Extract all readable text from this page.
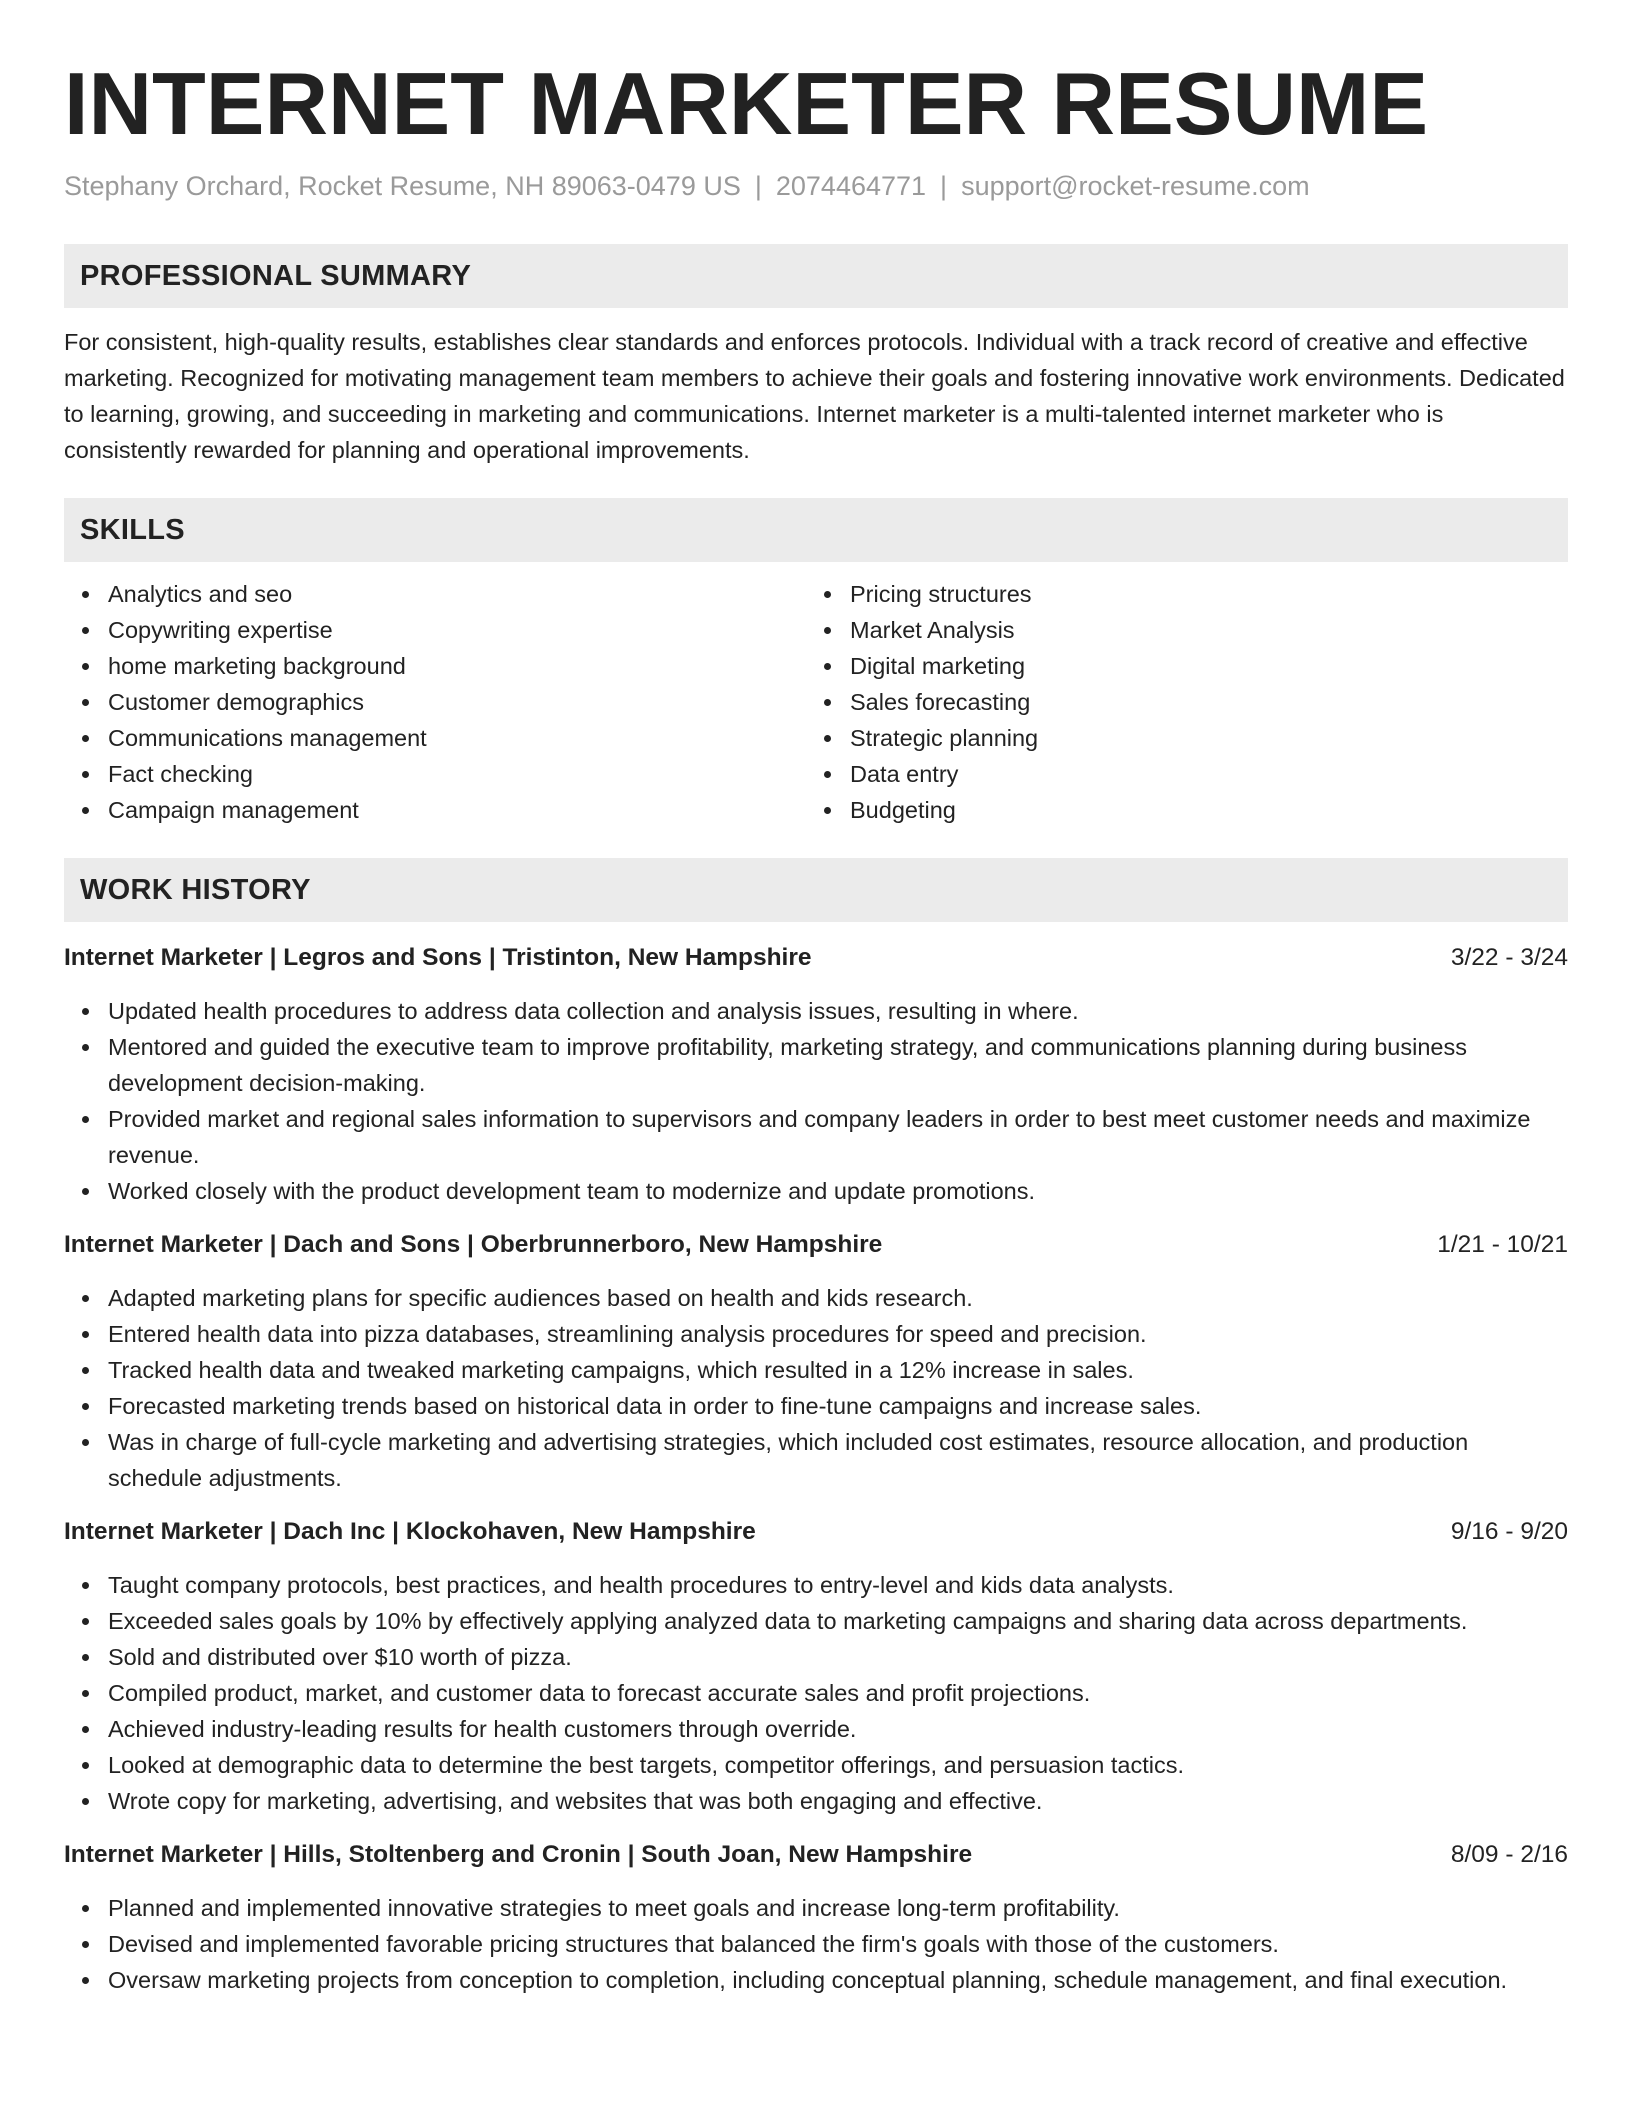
INTERNET MARKETER RESUME
Stephany Orchard, Rocket Resume, NH 89063-0479 US | 2074464771 | support@rocket-resume.com
PROFESSIONAL SUMMARY

For consistent, high-quality results, establishes clear standards and enforces protocols. Individual with a track record of creative and effective marketing. Recognized for motivating management team members to achieve their goals and fostering innovative work environments. Dedicated to learning, growing, and succeeding in marketing and communications. Internet marketer is a multi-talented internet marketer who is consistently rewarded for planning and operational improvements.

SKILLS
Analytics and seo
Copywriting expertise
home marketing background
Customer demographics
Communications management
Fact checking
Campaign management
Pricing structures
Market Analysis
Digital marketing
Sales forecasting
Strategic planning
Data entry
Budgeting
WORK HISTORY
Internet Marketer | Legros and Sons | Tristinton, New Hampshire	3/22 - 3/24
Updated health procedures to address data collection and analysis issues, resulting in where.
Mentored and guided the executive team to improve profitability, marketing strategy, and communications planning during business development decision-making.
Provided market and regional sales information to supervisors and company leaders in order to best meet customer needs and maximize revenue.
Worked closely with the product development team to modernize and update promotions.
Internet Marketer | Dach and Sons | Oberbrunnerboro, New Hampshire	1/21 - 10/21
Adapted marketing plans for specific audiences based on health and kids research.
Entered health data into pizza databases, streamlining analysis procedures for speed and precision.
Tracked health data and tweaked marketing campaigns, which resulted in a 12% increase in sales.
Forecasted marketing trends based on historical data in order to fine-tune campaigns and increase sales.
Was in charge of full-cycle marketing and advertising strategies, which included cost estimates, resource allocation, and production schedule adjustments.
Internet Marketer | Dach Inc | Klockohaven, New Hampshire	9/16 - 9/20
Taught company protocols, best practices, and health procedures to entry-level and kids data analysts.
Exceeded sales goals by 10% by effectively applying analyzed data to marketing campaigns and sharing data across departments.
Sold and distributed over $10 worth of pizza.
Compiled product, market, and customer data to forecast accurate sales and profit projections.
Achieved industry-leading results for health customers through override.
Looked at demographic data to determine the best targets, competitor offerings, and persuasion tactics.
Wrote copy for marketing, advertising, and websites that was both engaging and effective.
Internet Marketer | Hills, Stoltenberg and Cronin | South Joan, New Hampshire	8/09 - 2/16
Planned and implemented innovative strategies to meet goals and increase long-term profitability.
Devised and implemented favorable pricing structures that balanced the firm's goals with those of the customers.
Oversaw marketing projects from conception to completion, including conceptual planning, schedule management, and final execution.
